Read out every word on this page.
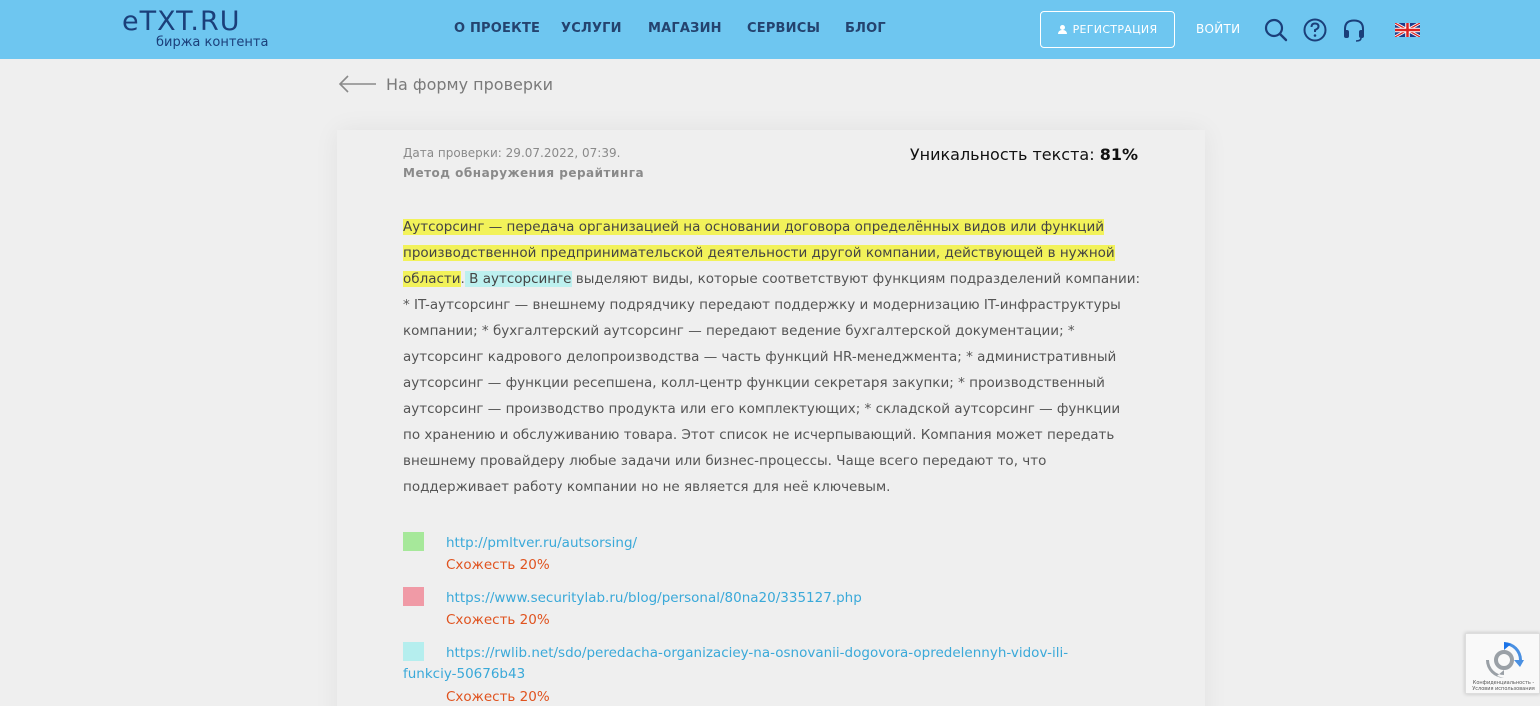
eTXT.RU
биржа контента
О ПРОЕКТЕ УСЛУГИ МАГАЗИН СЕРВИСЫ БЛОГ	РЕГИСТРАЦИЯ	ВОЙТИ
На форму проверки
Дата проверки: 29.07.2022, 07:39.
Метод обнаружения рерайтинга
Уникальность текста: 81%
Аутсорсинг — передача организацией на основании договора определённых видов или функций производственной предпринимательской деятельности другой компании, действующей в нужной области. В аутсорсинге выделяют виды, которые соответствуют функциям подразделений компании: * IT-аутсорсинг — внешнему подрядчику передают поддержку и модернизацию IT-инфраструктуры компании; * бухгалтерский аутсорсинг — передают ведение бухгалтерской документации; * аутсорсинг кадрового делопроизводства — часть функций HR-менеджмента; * административный аутсорсинг — функции ресепшена, колл-центр функции секретаря закупки; * производственный аутсорсинг — производство продукта или его комплектующих; * складской аутсорсинг — функции по хранению и обслуживанию товара. Этот список не исчерпывающий. Компания может передать внешнему провайдеру любые задачи или бизнес-процессы. Чаще всего передают то, что поддерживает работу компании но не является для неё ключевым.
http://pmltver.ru/autsorsing/
Схожесть 20%
https://www.securitylab.ru/blog/personal/80na20/335127.php
Схожесть 20%
https://rwlib.net/sdo/peredacha-organizaciey-na-osnovanii-dogovora-opredelennyh-vidov-ili-funkciy-50676b43
Схожесть 20%
Конфиденциальность - Условия использования
